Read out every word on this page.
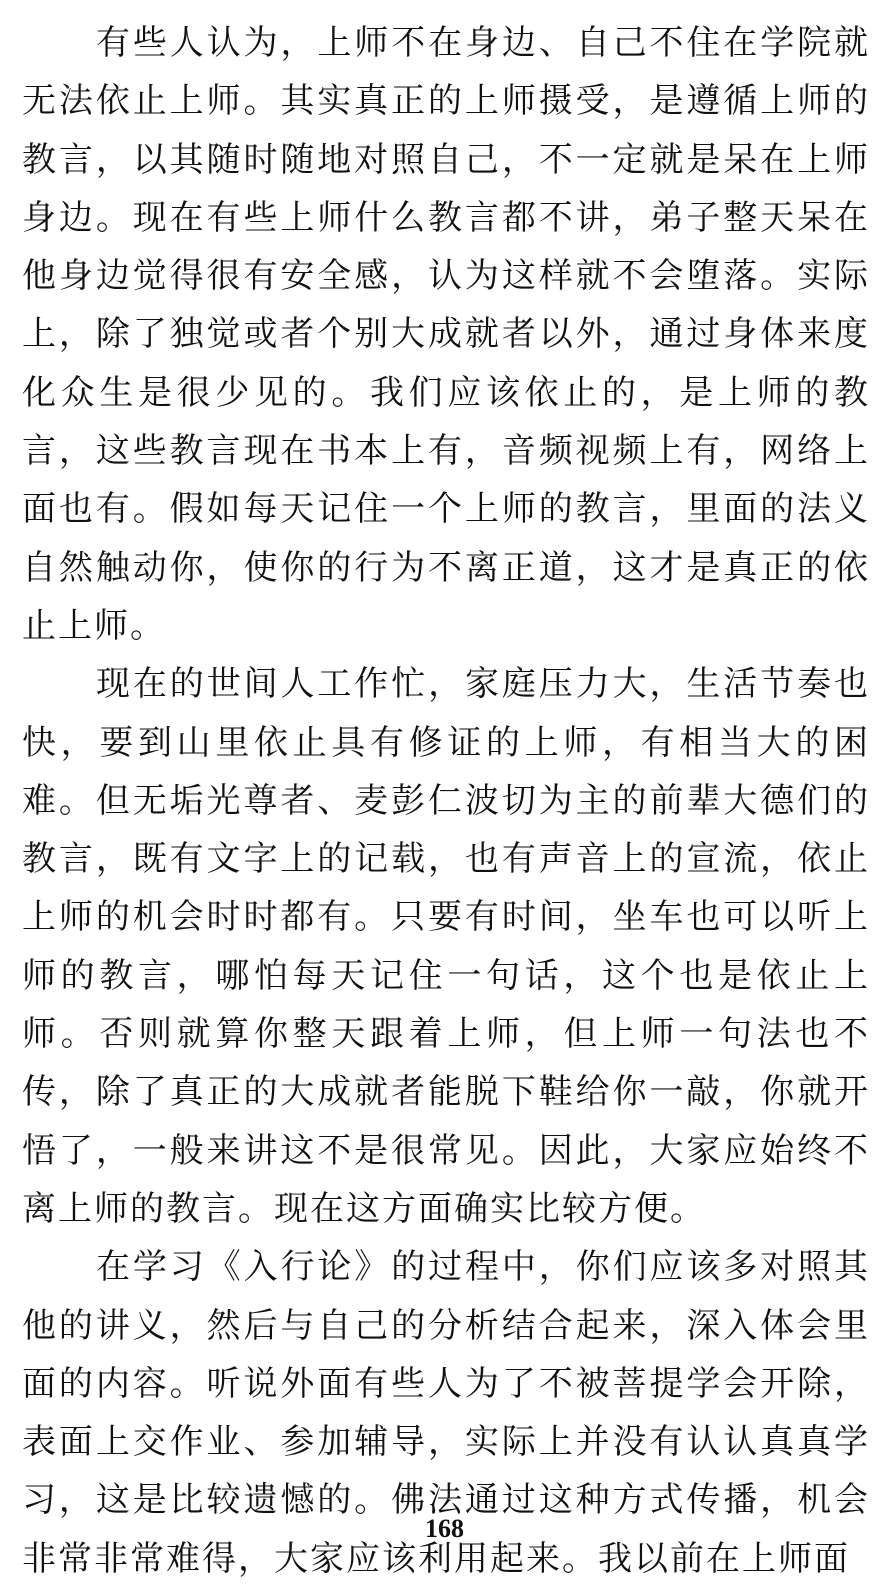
有些人认为，上师不在身边、自己不住在学院就无法依止上师。其实真正的上师摄受，是遵循上师的教言，以其随时随地对照自己，不一定就是呆在上师身边。现在有些上师什么教言都不讲，弟子整天呆在他身边觉得很有安全感，认为这样就不会堕落。实际上，除了独觉或者个别大成就者以外，通过身体来度化众生是很少见的。我们应该依止的，是上师的教言，这些教言现在书本上有，音频视频上有，网络上面也有。假如每天记住一个上师的教言，里面的法义自然触动你，使你的行为不离正道，这才是真正的依止上师。

现在的世间人工作忙，家庭压力大，生活节奏也快，要到山里依止具有修证的上师，有相当大的困难。但无垢光尊者、麦彭仁波切为主的前辈大德们的教言，既有文字上的记载，也有声音上的宣流，依止上师的机会时时都有。只要有时间，坐车也可以听上师的教言，哪怕每天记住一句话，这个也是依止上师。否则就算你整天跟着上师，但上师一句法也不传，除了真正的大成就者能脱下鞋给你一敲，你就开悟了，一般来讲这不是很常见。因此，大家应始终不离上师的教言。现在这方面确实比较方便。

在学习《入行论》的过程中，你们应该多对照其他的讲义，然后与自己的分析结合起来，深入体会里面的内容。听说外面有些人为了不被菩提学会开除，表面上交作业、参加辅导，实际上并没有认认真真学习，这是比较遗憾的。佛法通过这种方式传播，机会非常非常难得，大家应该利用起来。我以前在上师面

168
